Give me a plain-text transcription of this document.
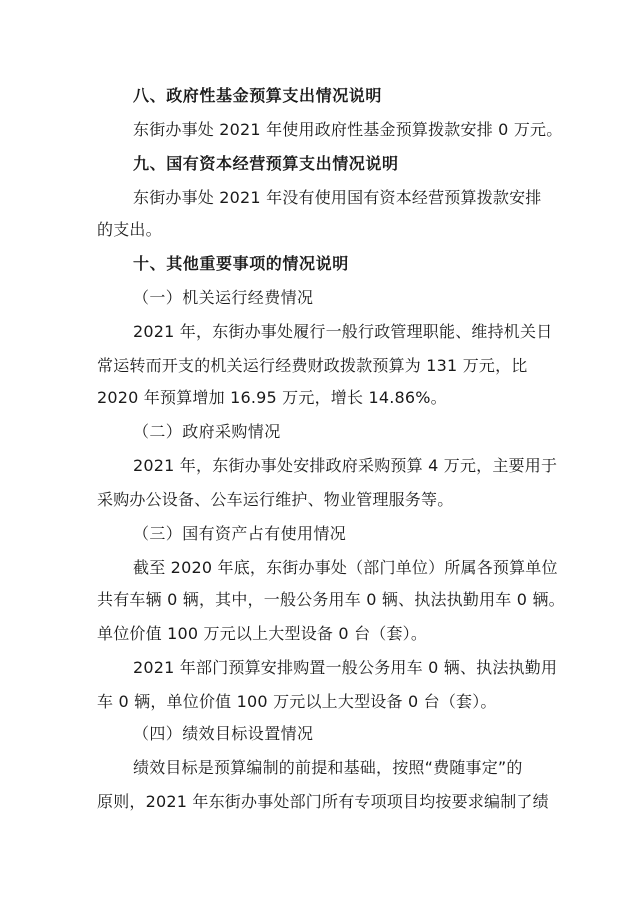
八、政府性基金预算支出情况说明

东街办事处 2021 年使用政府性基金预算拨款安排 0 万元。

九、国有资本经营预算支出情况说明

东街办事处 2021 年没有使用国有资本经营预算拨款安排

的支出。

十、其他重要事项的情况说明

（一）机关运行经费情况

2021 年，东街办事处履行一般行政管理职能、维持机关日

常运转而开支的机关运行经费财政拨款预算为 131 万元，比

2020 年预算增加 16.95 万元，增长 14.86%。

（二）政府采购情况

2021 年，东街办事处安排政府采购预算 4 万元，主要用于

采购办公设备、公车运行维护、物业管理服务等。

（三）国有资产占有使用情况

截至 2020 年底，东街办事处（部门单位）所属各预算单位

共有车辆 0 辆，其中，一般公务用车 0 辆、执法执勤用车 0 辆。

单位价值 100 万元以上大型设备 0 台（套）。

2021 年部门预算安排购置一般公务用车 0 辆、执法执勤用

车 0 辆，单位价值 100 万元以上大型设备 0 台（套）。

（四）绩效目标设置情况

绩效目标是预算编制的前提和基础，按照“费随事定”的

原则，2021 年东街办事处部门所有专项项目均按要求编制了绩
